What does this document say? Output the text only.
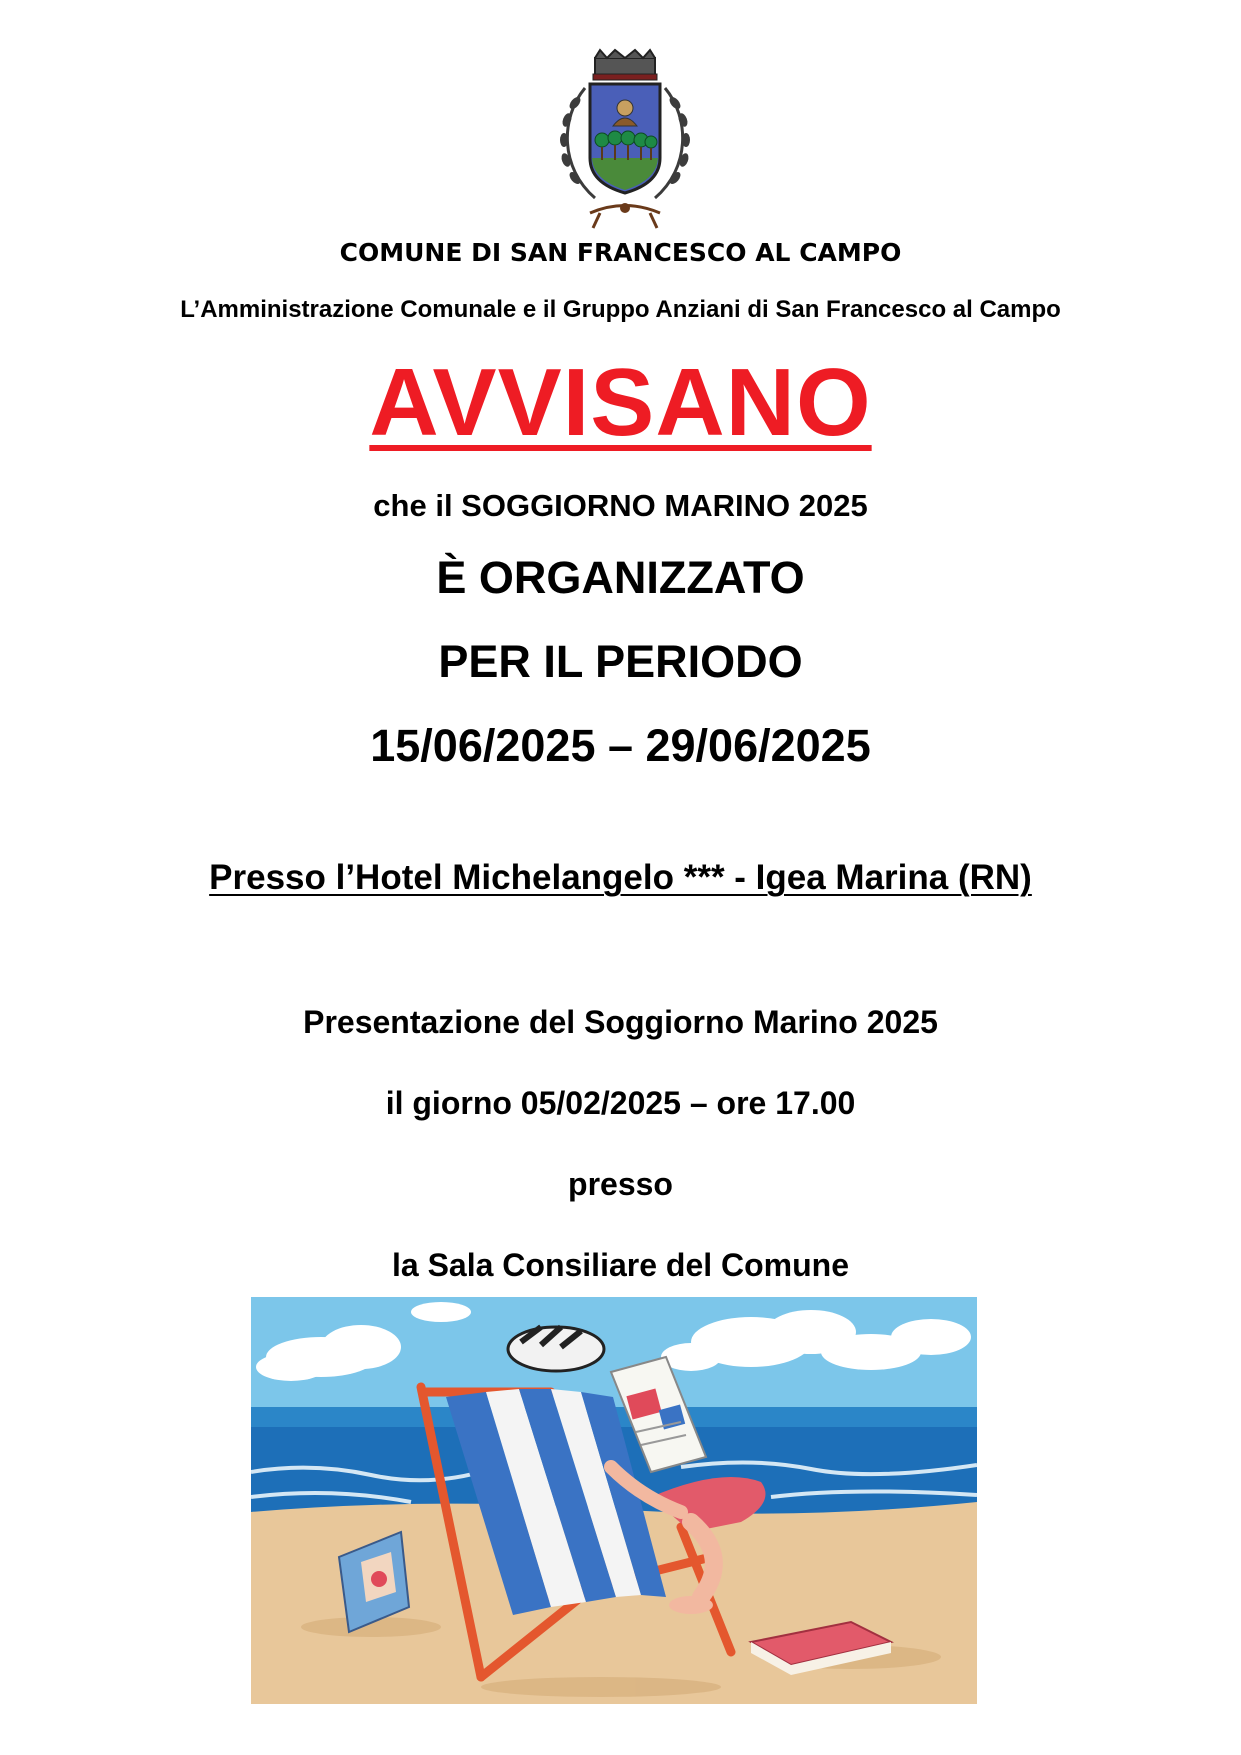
COMUNE DI SAN FRANCESCO AL CAMPO
L’Amministrazione Comunale e il Gruppo Anziani di San Francesco al Campo
AVVISANO
che il SOGGIORNO MARINO 2025
È ORGANIZZATO
PER IL PERIODO
15/06/2025 – 29/06/2025
Presso l’Hotel Michelangelo *** - Igea Marina (RN)
Presentazione del Soggiorno Marino 2025
il giorno 05/02/2025 – ore 17.00
presso
la Sala Consiliare del Comune
